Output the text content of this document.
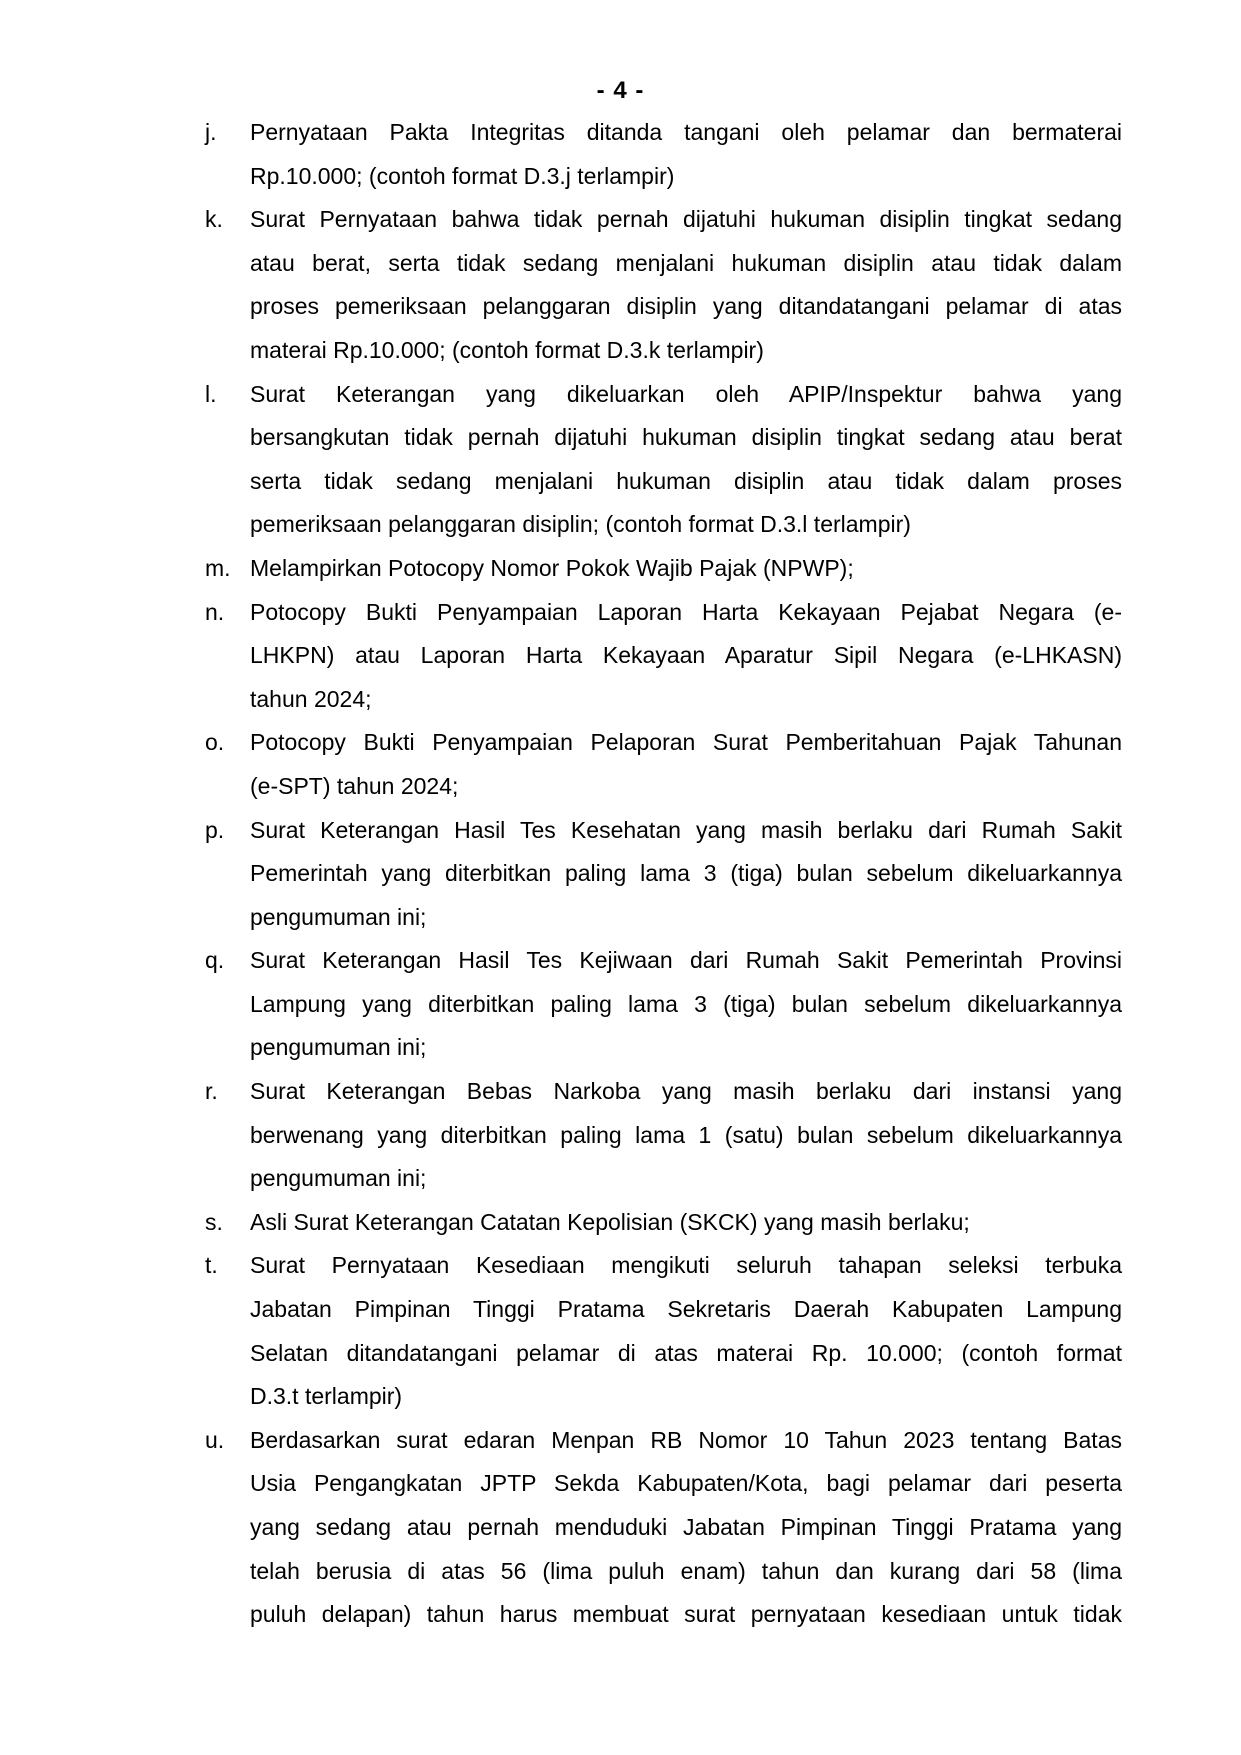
- 4 -
j. Pernyataan Pakta Integritas ditanda tangani oleh pelamar dan bermaterai
Rp.10.000; (contoh format D.3.j terlampir)
k. Surat Pernyataan bahwa tidak pernah dijatuhi hukuman disiplin tingkat sedang
atau berat, serta tidak sedang menjalani hukuman disiplin atau tidak dalam
proses pemeriksaan pelanggaran disiplin yang ditandatangani pelamar di atas
materai Rp.10.000; (contoh format D.3.k terlampir)
l. Surat Keterangan yang dikeluarkan oleh APIP/Inspektur bahwa yang
bersangkutan tidak pernah dijatuhi hukuman disiplin tingkat sedang atau berat
serta tidak sedang menjalani hukuman disiplin atau tidak dalam proses
pemeriksaan pelanggaran disiplin; (contoh format D.3.l terlampir)
m. Melampirkan Potocopy Nomor Pokok Wajib Pajak (NPWP);
n. Potocopy Bukti Penyampaian Laporan Harta Kekayaan Pejabat Negara (e-
LHKPN) atau Laporan Harta Kekayaan Aparatur Sipil Negara (e-LHKASN)
tahun 2024;
o. Potocopy Bukti Penyampaian Pelaporan Surat Pemberitahuan Pajak Tahunan
(e-SPT) tahun 2024;
p. Surat Keterangan Hasil Tes Kesehatan yang masih berlaku dari Rumah Sakit
Pemerintah yang diterbitkan paling lama 3 (tiga) bulan sebelum dikeluarkannya
pengumuman ini;
q. Surat Keterangan Hasil Tes Kejiwaan dari Rumah Sakit Pemerintah Provinsi
Lampung yang diterbitkan paling lama 3 (tiga) bulan sebelum dikeluarkannya
pengumuman ini;
r. Surat Keterangan Bebas Narkoba yang masih berlaku dari instansi yang
berwenang yang diterbitkan paling lama 1 (satu) bulan sebelum dikeluarkannya
pengumuman ini;
s. Asli Surat Keterangan Catatan Kepolisian (SKCK) yang masih berlaku;
t. Surat Pernyataan Kesediaan mengikuti seluruh tahapan seleksi terbuka
Jabatan Pimpinan Tinggi Pratama Sekretaris Daerah Kabupaten Lampung
Selatan ditandatangani pelamar di atas materai Rp. 10.000; (contoh format
D.3.t terlampir)
u. Berdasarkan surat edaran Menpan RB Nomor 10 Tahun 2023 tentang Batas
Usia Pengangkatan JPTP Sekda Kabupaten/Kota, bagi pelamar dari peserta
yang sedang atau pernah menduduki Jabatan Pimpinan Tinggi Pratama yang
telah berusia di atas 56 (lima puluh enam) tahun dan kurang dari 58 (lima
puluh delapan) tahun harus membuat surat pernyataan kesediaan untuk tidak
